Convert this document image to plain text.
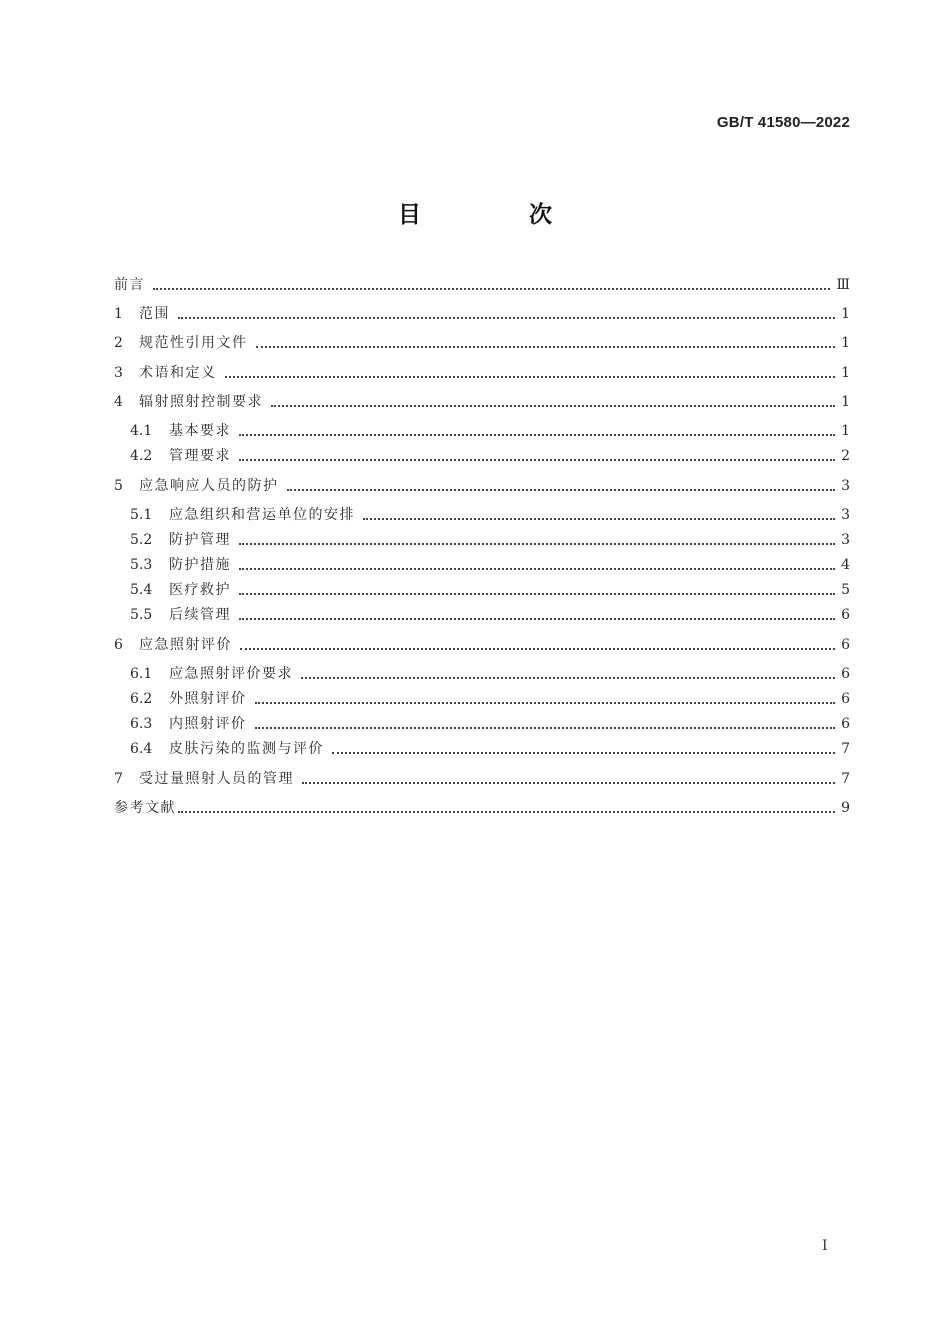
GB/T 41580—2022
目 次
前言	Ⅲ
1	范围	1
2	规范性引用文件	1
3	术语和定义	1
4	辐射照射控制要求	1
4.1	基本要求	1
4.2	管理要求	2
5	应急响应人员的防护	3
5.1	应急组织和营运单位的安排	3
5.2	防护管理	3
5.3	防护措施	4
5.4	医疗救护	5
5.5	后续管理	6
6	应急照射评价	6
6.1	应急照射评价要求	6
6.2	外照射评价	6
6.3	内照射评价	6
6.4	皮肤污染的监测与评价	7
7	受过量照射人员的管理	7
参考文献	9
I
